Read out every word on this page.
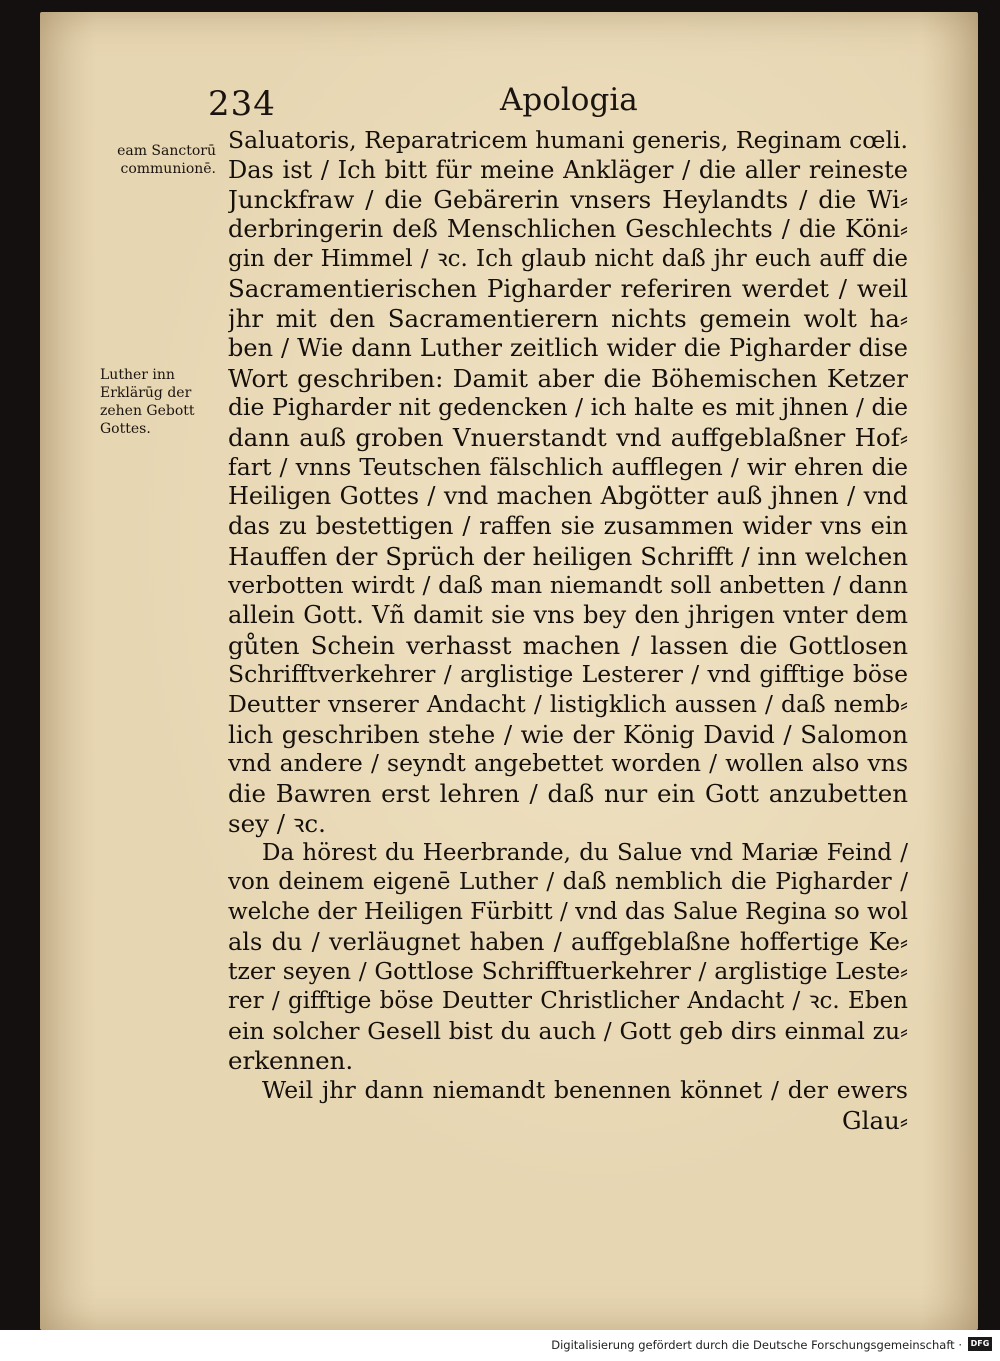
234	Apologia
eam Sanctorū
communionē.
Luther inn
Erklärūg der
zehen Gebott
Gottes.
Saluatoris, Reparatricem humani generis, Reginam cœli.
Das ist / Ich bitt für meine Ankläger / die aller reineste
Junckfraw / die Gebärerin vnsers Heylandts / die Wi⸗
derbringerin deß Menschlichen Geschlechts / die Köni⸗
gin der Himmel / ꝛc. Ich glaub nicht daß jhr euch auff die
Sacramentierischen Pigharder referiren werdet / weil
jhr mit den Sacramentierern nichts gemein wolt ha⸗
ben / Wie dann Luther zeitlich wider die Pigharder dise
Wort geschriben: Damit aber die Böhemischen Ketzer
die Pigharder nit gedencken / ich halte es mit jhnen / die
dann auß groben Vnuerstandt vnd auffgeblaßner Hof⸗
fart / vnns Teutschen fälschlich aufflegen / wir ehren die
Heiligen Gottes / vnd machen Abgötter auß jhnen / vnd
das zu bestettigen / raffen sie zusammen wider vns ein
Hauffen der Sprüch der heiligen Schrifft / inn welchen
verbotten wirdt / daß man niemandt soll anbetten / dann
allein Gott. Vñ damit sie vns bey den jhrigen vnter dem
gůten Schein verhasst machen / lassen die Gottlosen
Schrifftverkehrer / arglistige Lesterer / vnd gifftige böse
Deutter vnserer Andacht / listigklich aussen / daß nemb⸗
lich geschriben stehe / wie der König David / Salomon
vnd andere / seyndt angebettet worden / wollen also vns
die Bawren erst lehren / daß nur ein Gott anzubetten
sey / ꝛc.
Da hörest du Heerbrande, du Salue vnd Mariæ Feind /
von deinem eigenē Luther / daß nemblich die Pigharder /
welche der Heiligen Fürbitt / vnd das Salue Regina so wol
als du / verläugnet haben / auffgeblaßne hoffertige Ke⸗
tzer seyen / Gottlose Schrifftuerkehrer / arglistige Leste⸗
rer / gifftige böse Deutter Christlicher Andacht / ꝛc. Eben
ein solcher Gesell bist du auch / Gott geb dirs einmal zu⸗
erkennen.
Weil jhr dann niemandt benennen könnet / der ewers
Glau⸗
Digitalisierung gefördert durch die Deutsche Forschungsgemeinschaft ·	DFG
